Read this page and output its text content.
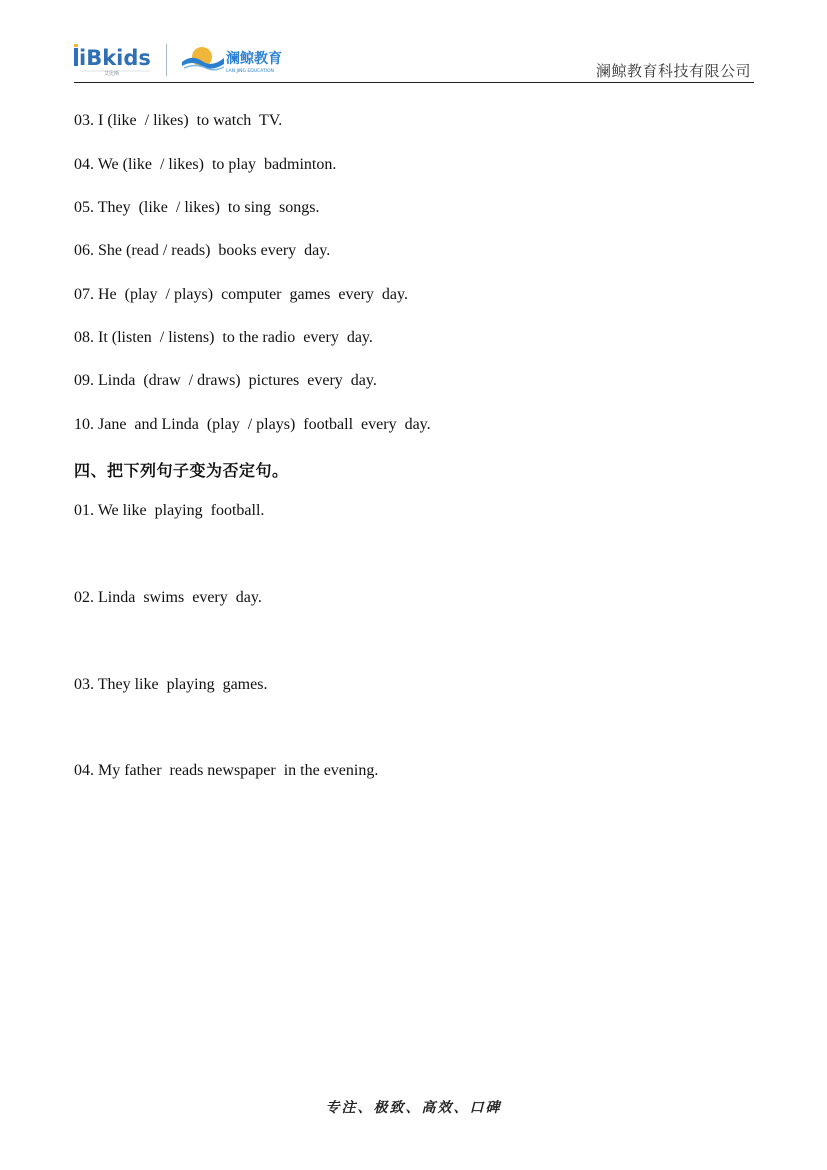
iBkids
艾比斯
澜鲸教育
LAN JING EDUCATION	澜鲸教育科技有限公司
03. I (like  / likes)  to watch  TV.
04. We (like  / likes)  to play  badminton.
05. They  (like  / likes)  to sing  songs.
06. She (read / reads)  books every  day.
07. He  (play  / plays)  computer  games  every  day.
08. It (listen  / listens)  to the radio  every  day.
09. Linda  (draw  / draws)  pictures  every  day.
10. Jane  and Linda  (play  / plays)  football  every  day.
四、把下列句子变为否定句。
01. We like  playing  football.
02. Linda  swims  every  day.
03. They like  playing  games.
04. My father  reads newspaper  in the evening.
专注、极致、高效、口碑
